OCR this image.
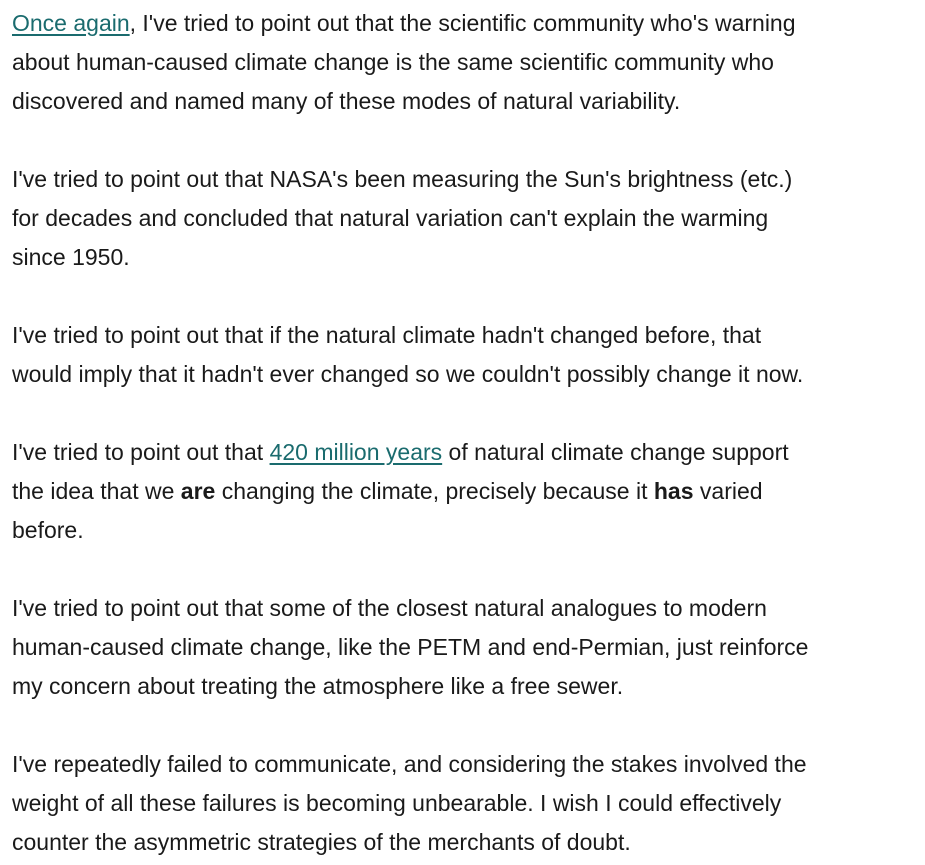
Once again, I've tried to point out that the scientific community who's warning
about human-caused climate change is the same scientific community who
discovered and named many of these modes of natural variability.

I've tried to point out that NASA's been measuring the Sun's brightness (etc.)
for decades and concluded that natural variation can't explain the warming
since 1950.

I've tried to point out that if the natural climate hadn't changed before, that
would imply that it hadn't ever changed so we couldn't possibly change it now.

I've tried to point out that 420 million years of natural climate change support
the idea that we are changing the climate, precisely because it has varied
before.

I've tried to point out that some of the closest natural analogues to modern
human-caused climate change, like the PETM and end-Permian, just reinforce
my concern about treating the atmosphere like a free sewer.

I've repeatedly failed to communicate, and considering the stakes involved the
weight of all these failures is becoming unbearable. I wish I could effectively
counter the asymmetric strategies of the merchants of doubt.
